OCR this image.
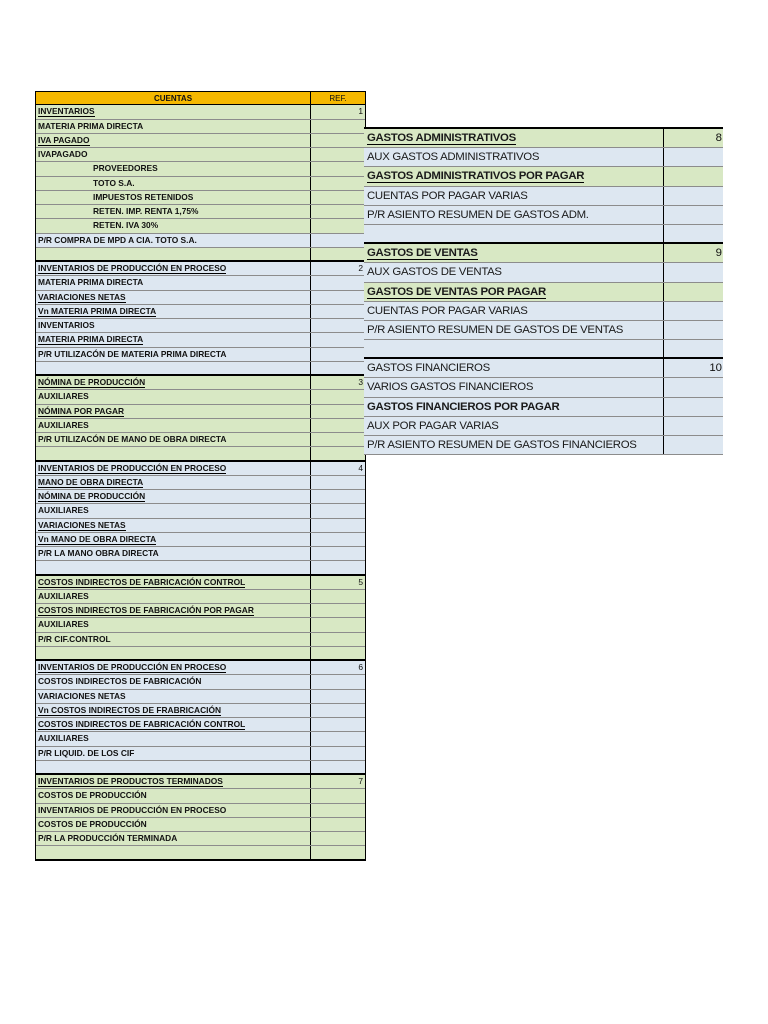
CUENTAS	REF.
INVENTARIOS	1
MATERIA PRIMA DIRECTA
IVA PAGADO
IVAPAGADO
PROVEEDORES
TOTO S.A.
IMPUESTOS RETENIDOS
RETEN. IMP. RENTA 1,75%
RETEN. IVA 30%
P/R COMPRA DE MPD A CIA. TOTO S.A.
INVENTARIOS DE PRODUCCIÓN EN PROCESO	2
MATERIA PRIMA DIRECTA
VARIACIONES NETAS
Vn MATERIA PRIMA DIRECTA
INVENTARIOS
MATERIA PRIMA DIRECTA
P/R UTILIZACÓN DE MATERIA PRIMA DIRECTA
NÓMINA DE PRODUCCIÓN	3
AUXILIARES
NÓMINA POR PAGAR
AUXILIARES
P/R UTILIZACÓN DE MANO DE OBRA DIRECTA
INVENTARIOS DE PRODUCCIÓN EN PROCESO	4
MANO DE OBRA DIRECTA
NÓMINA DE PRODUCCIÓN
AUXILIARES
VARIACIONES NETAS
Vn MANO DE OBRA DIRECTA
P/R LA MANO OBRA DIRECTA
COSTOS INDIRECTOS DE FABRICACIÓN CONTROL	5
AUXILIARES
COSTOS INDIRECTOS DE FABRICACIÓN POR PAGAR
AUXILIARES
P/R CIF.CONTROL
INVENTARIOS DE PRODUCCIÓN EN PROCESO	6
COSTOS INDIRECTOS DE FABRICACIÓN
VARIACIONES NETAS
Vn COSTOS INDIRECTOS DE FRABRICACIÓN
COSTOS INDIRECTOS DE FABRICACIÓN CONTROL
AUXILIARES
P/R LIQUID. DE LOS CIF
INVENTARIOS DE PRODUCTOS TERMINADOS	7
COSTOS DE PRODUCCIÓN
INVENTARIOS DE PRODUCCIÓN EN PROCESO
COSTOS DE PRODUCCIÓN
P/R LA PRODUCCIÓN TERMINADA
GASTOS ADMINISTRATIVOS	8
AUX GASTOS ADMINISTRATIVOS
GASTOS ADMINISTRATIVOS POR PAGAR
CUENTAS POR PAGAR VARIAS
P/R ASIENTO RESUMEN DE GASTOS ADM.
GASTOS DE VENTAS	9
AUX GASTOS DE VENTAS
GASTOS DE VENTAS POR PAGAR
CUENTAS POR PAGAR VARIAS
P/R ASIENTO RESUMEN DE GASTOS DE VENTAS
GASTOS FINANCIEROS	10
VARIOS GASTOS FINANCIEROS
GASTOS FINANCIEROS POR PAGAR
AUX POR PAGAR VARIAS
P/R ASIENTO RESUMEN DE GASTOS FINANCIEROS
